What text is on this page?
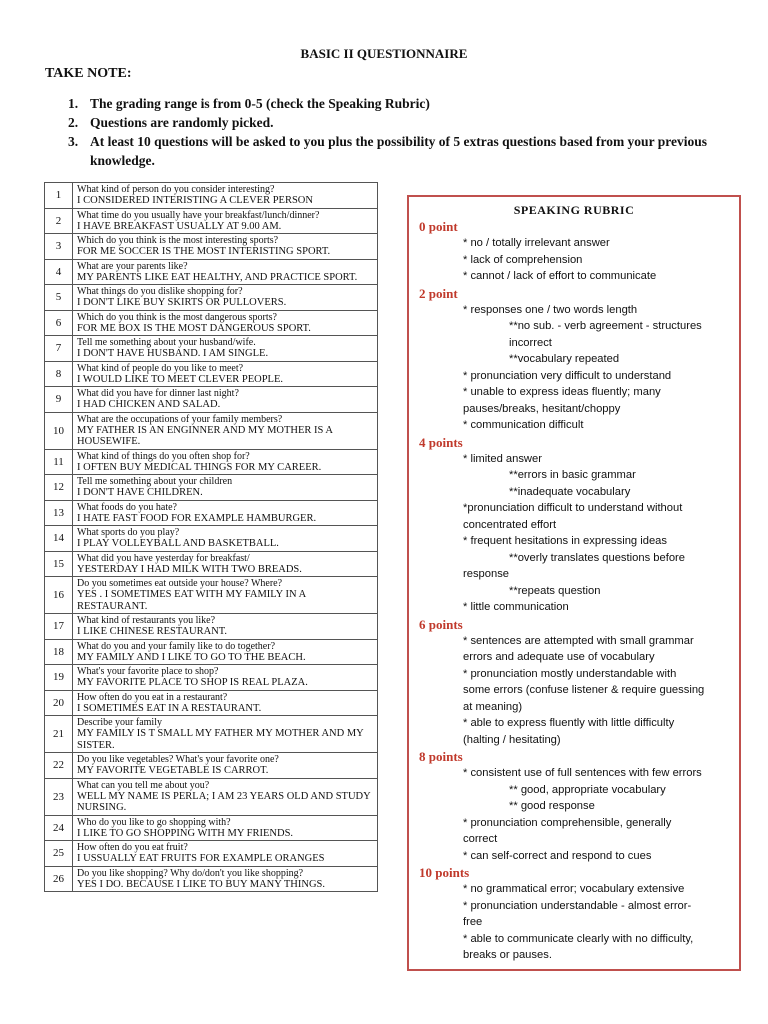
BASIC II QUESTIONNAIRE
TAKE NOTE:
1. The grading range is from 0-5 (check the Speaking Rubric)
2. Questions are randomly picked.
3. At least 10 questions will be asked to you plus the possibility of 5 extras questions based from your previous knowledge.
1	What kind of person do you consider interesting?
I CONSIDERED INTERISTING A CLEVER PERSON

2	What time do you usually have your breakfast/lunch/dinner?
I HAVE BREAKFAST USUALLY AT 9.00 AM.

3	Which do you think is the most interesting sports?
FOR ME SOCCER IS THE MOST INTERISTING SPORT.

4	What are your parents like?
MY PARENTS LIKE EAT HEALTHY, AND PRACTICE SPORT.

5	What things do you dislike shopping for?
I DON'T LIKE BUY SKIRTS OR PULLOVERS.

6	Which do you think is the most dangerous sports?
FOR ME BOX IS THE MOST DANGEROUS SPORT.

7	Tell me something about your husband/wife.
I DON'T HAVE HUSBAND. I AM SINGLE.

8	What kind of people do you like to meet?
I WOULD LIKE TO MEET CLEVER PEOPLE.

9	What did you have for dinner last night?
I HAD CHICKEN AND SALAD.

10	What are the occupations of your family members?
MY FATHER IS AN ENGINNER AND MY MOTHER IS A HOUSEWIFE.

11	What kind of things do you often shop for?
I OFTEN BUY MEDICAL THINGS FOR MY CAREER.

12	Tell me something about your children
I DON'T HAVE CHILDREN.

13	What foods do you hate?
I HATE FAST FOOD FOR EXAMPLE HAMBURGER.

14	What sports do you play?
I PLAY VOLLEYBALL AND BASKETBALL.

15	What did you have yesterday for breakfast/
YESTERDAY I HAD MILK WITH TWO BREADS.

16	Do you sometimes eat outside your house? Where?
YES . I SOMETIMES EAT WITH MY FAMILY IN A RESTAURANT.

17	What kind of restaurants you like?
I LIKE CHINESE RESTAURANT.

18	What do you and your family like to do together?
MY FAMILY AND I LIKE TO GO TO THE BEACH.

19	What's your favorite place to shop?
MY FAVORITE PLACE TO SHOP IS REAL PLAZA.

20	How often do you eat in a restaurant?
I SOMETIMES EAT IN A RESTAURANT.

21	Describe your family
MY FAMILY IS T SMALL MY FATHER MY MOTHER AND MY SISTER.

22	Do you like vegetables? What's your favorite one?
MY FAVORITE VEGETABLE IS CARROT.

23	What can you tell me about you?
WELL MY NAME IS PERLA; I AM 23 YEARS OLD AND STUDY NURSING.

24	Who do you like to go shopping with?
I LIKE TO GO SHOPPING WITH MY FRIENDS.

25	How often do you eat fruit?
I USSUALLY EAT FRUITS FOR EXAMPLE ORANGES

26	Do you like shopping? Why do/don't you like shopping?
YES I DO. BECAUSE I LIKE TO BUY MANY THINGS.
SPEAKING RUBRIC
0 point
* no / totally irrelevant answer
* lack of comprehension
* cannot / lack of effort to communicate
2 point
* responses one / two words length
**no sub. - verb agreement - structures
incorrect
**vocabulary repeated
* pronunciation very difficult to understand
* unable to express ideas fluently; many
pauses/breaks, hesitant/choppy
* communication difficult
4 points
* limited answer
**errors in basic grammar
**inadequate vocabulary
*pronunciation difficult to understand without
concentrated effort
* frequent hesitations in expressing ideas
**overly translates questions before
response
**repeats question
* little communication
6 points
* sentences are attempted with small grammar
errors and adequate use of vocabulary
* pronunciation mostly understandable with
some errors (confuse listener & require guessing
at meaning)
* able to express fluently with little difficulty
(halting / hesitating)
8 points
* consistent use of full sentences with few errors
** good, appropriate vocabulary
** good response
* pronunciation comprehensible, generally
correct
* can self-correct and respond to cues
10 points
* no grammatical error; vocabulary extensive
* pronunciation understandable - almost error-
free
* able to communicate clearly with no difficulty,
breaks or pauses.
